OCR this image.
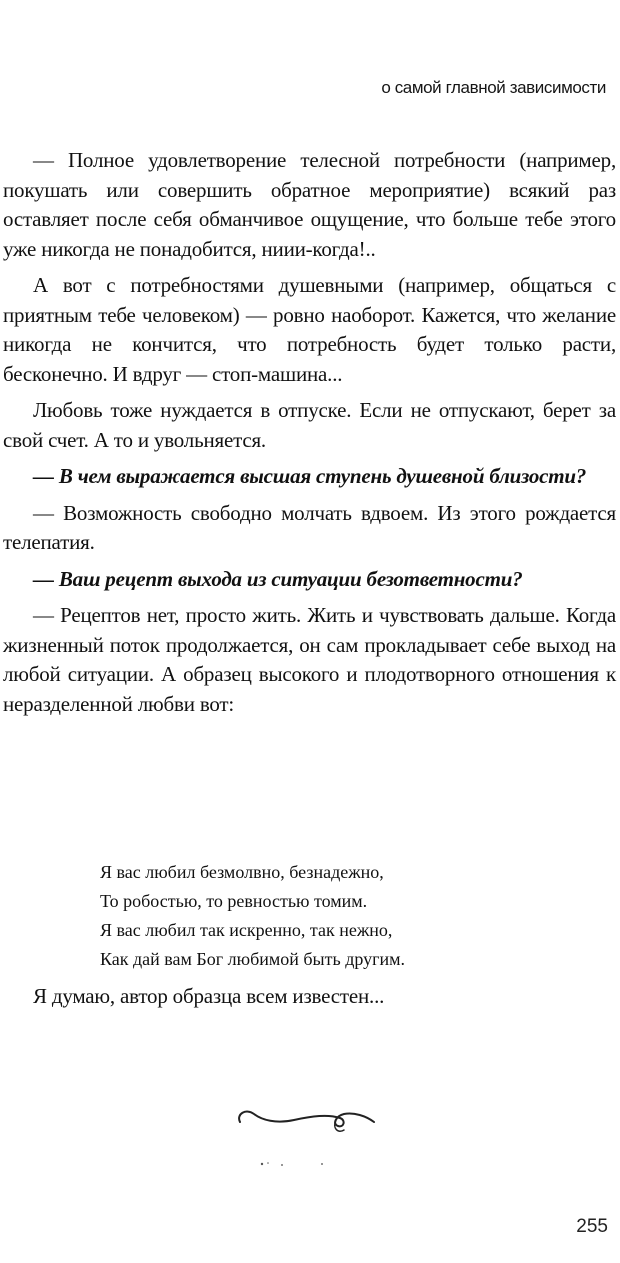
о самой главной зависимости

— Полное удовлетворение телесной потребности (например, покушать или совершить обратное мероприятие) всякий раз оставляет после себя обманчивое ощущение, что больше тебе этого уже никогда не понадобится, ниии-когда!..

А вот с потребностями душевными (например, общаться с приятным тебе человеком) — ровно наоборот. Кажется, что желание никогда не кончится, что потребность будет только расти, бесконечно. И вдруг — стоп-машина...

Любовь тоже нуждается в отпуске. Если не отпускают, берет за свой счет. А то и увольняется.

— В чем выражается высшая ступень душевной близости?

— Возможность свободно молчать вдвоем. Из этого рождается телепатия.

— Ваш рецепт выхода из ситуации безответности?

— Рецептов нет, просто жить. Жить и чувствовать дальше. Когда жизненный поток продолжается, он сам прокладывает себе выход на любой ситуации. А образец высокого и плодотворного отношения к неразделенной любви вот:

Я вас любил безмолвно, безнадежно,
То робостью, то ревностью томим.
Я вас любил так искренно, так нежно,
Как дай вам Бог любимой быть другим.
Я думаю, автор образца всем известен...
255
